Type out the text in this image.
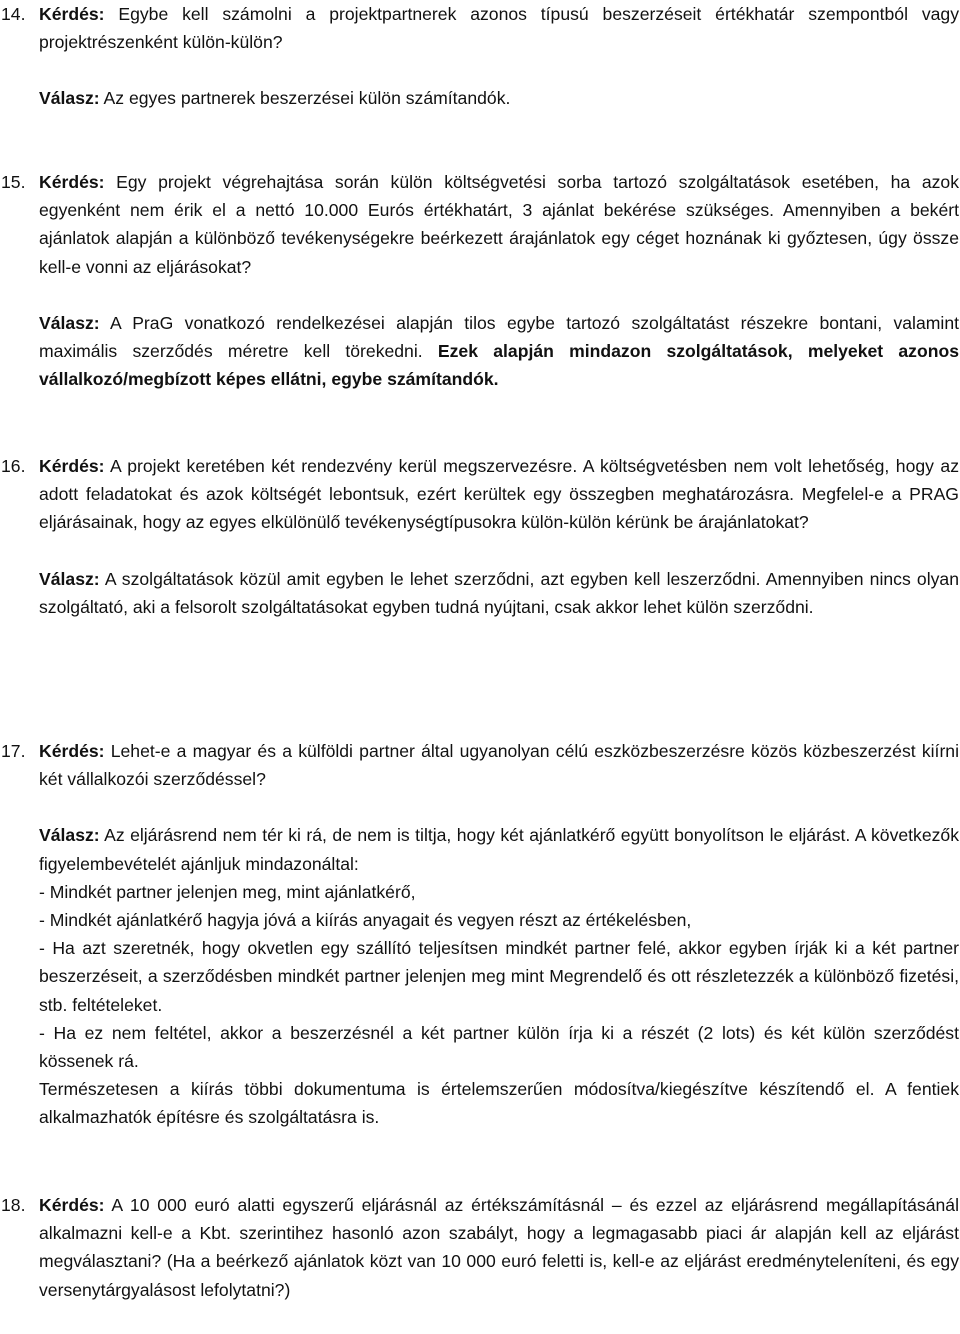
14. Kérdés: Egybe kell számolni a projektpartnerek azonos típusú beszerzéseit értékhatár szempontból vagy projektrészenként külön-külön?

Válasz: Az egyes partnerek beszerzései külön számítandók.

15. Kérdés: Egy projekt végrehajtása során külön költségvetési sorba tartozó szolgáltatások esetében, ha azok egyenként nem érik el a nettó 10.000 Eurós értékhatárt, 3 ajánlat bekérése szükséges. Amennyiben a bekért ajánlatok alapján a különböző tevékenységekre beérkezett árajánlatok egy céget hoznának ki győztesen, úgy össze kell-e vonni az eljárásokat?

Válasz: A PraG vonatkozó rendelkezései alapján tilos egybe tartozó szolgáltatást részekre bontani, valamint maximális szerződés méretre kell törekedni. Ezek alapján mindazon szolgáltatások, melyeket azonos vállalkozó/megbízott képes ellátni, egybe számítandók.

16. Kérdés: A projekt keretében két rendezvény kerül megszervezésre. A költségvetésben nem volt lehetőség, hogy az adott feladatokat és azok költségét lebontsuk, ezért kerültek egy összegben meghatározásra. Megfelel-e a PRAG eljárásainak, hogy az egyes elkülönülő tevékenységtípusokra külön-külön kérünk be árajánlatokat?

Válasz: A szolgáltatások közül amit egyben le lehet szerződni, azt egyben kell leszerződni. Amennyiben nincs olyan szolgáltató, aki a felsorolt szolgáltatásokat egyben tudná nyújtani, csak akkor lehet külön szerződni.

17. Kérdés: Lehet-e a magyar és a külföldi partner által ugyanolyan célú eszközbeszerzésre közös közbeszerzést kiírni két vállalkozói szerződéssel?

Válasz: Az eljárásrend nem tér ki rá, de nem is tiltja, hogy két ajánlatkérő együtt bonyolítson le eljárást. A következők figyelembevételét ajánljuk mindazonáltal:

- Mindkét partner jelenjen meg, mint ajánlatkérő,

- Mindkét ajánlatkérő hagyja jóvá a kiírás anyagait és vegyen részt az értékelésben,

- Ha azt szeretnék, hogy okvetlen egy szállító teljesítsen mindkét partner felé, akkor egyben írják ki a két partner beszerzéseit, a szerződésben mindkét partner jelenjen meg mint Megrendelő és ott részletezzék a különböző fizetési, stb. feltételeket.

- Ha ez nem feltétel, akkor a beszerzésnél a két partner külön írja ki a részét (2 lots) és két külön szerződést kössenek rá.

Természetesen a kiírás többi dokumentuma is értelemszerűen módosítva/kiegészítve készítendő el. A fentiek alkalmazhatók építésre és szolgáltatásra is.

18. Kérdés: A 10 000 euró alatti egyszerű eljárásnál az értékszámításnál – és ezzel az eljárásrend megállapításánál alkalmazni kell-e a Kbt. szerintihez hasonló azon szabályt, hogy a legmagasabb piaci ár alapján kell az eljárást megválasztani? (Ha a beérkező ajánlatok közt van 10 000 euró feletti is, kell-e az eljárást eredményteleníteni, és egy versenytárgyalásost lefolytatni?)
